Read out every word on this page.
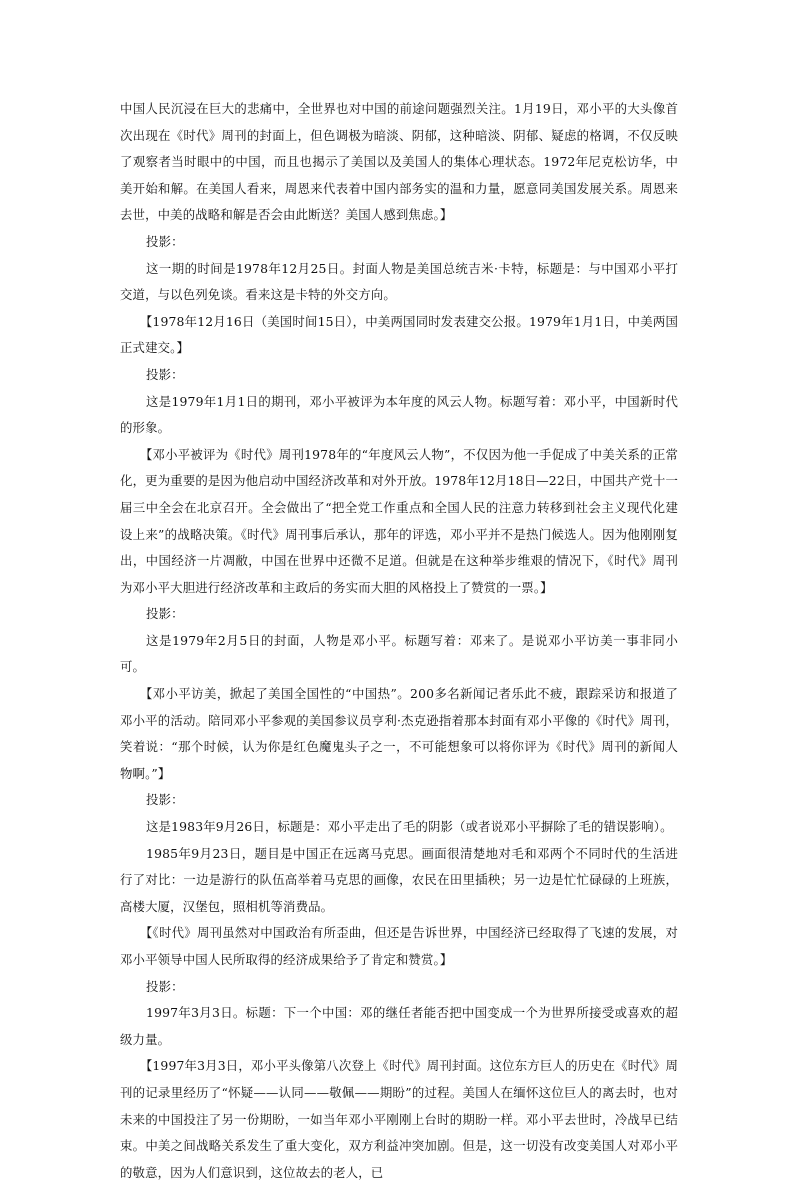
中国人民沉浸在巨大的悲痛中，全世界也对中国的前途问题强烈关注。1月19日，邓小平的大头像首次出现在《时代》周刊的封面上，但色调极为暗淡、阴郁，这种暗淡、阴郁、疑虑的格调，不仅反映了观察者当时眼中的中国，而且也揭示了美国以及美国人的集体心理状态。1972年尼克松访华，中美开始和解。在美国人看来，周恩来代表着中国内部务实的温和力量，愿意同美国发展关系。周恩来去世，中美的战略和解是否会由此断送？美国人感到焦虑。】

投影：

这一期的时间是1978年12月25日。封面人物是美国总统吉米·卡特，标题是：与中国邓小平打交道，与以色列免谈。看来这是卡特的外交方向。

【1978年12月16日（美国时间15日），中美两国同时发表建交公报。1979年1月1日，中美两国正式建交。】

投影：

这是1979年1月1日的期刊，邓小平被评为本年度的风云人物。标题写着：邓小平，中国新时代的形象。

【邓小平被评为《时代》周刊1978年的“年度风云人物”，不仅因为他一手促成了中美关系的正常化，更为重要的是因为他启动中国经济改革和对外开放。1978年12月18日—22日，中国共产党十一届三中全会在北京召开。全会做出了“把全党工作重点和全国人民的注意力转移到社会主义现代化建设上来”的战略决策。《时代》周刊事后承认，那年的评选，邓小平并不是热门候选人。因为他刚刚复出，中国经济一片凋敝，中国在世界中还微不足道。但就是在这种举步维艰的情况下，《时代》周刊为邓小平大胆进行经济改革和主政后的务实而大胆的风格投上了赞赏的一票。】

投影：

这是1979年2月5日的封面，人物是邓小平。标题写着：邓来了。是说邓小平访美一事非同小可。

【邓小平访美，掀起了美国全国性的“中国热”。200多名新闻记者乐此不疲，跟踪采访和报道了邓小平的活动。陪同邓小平参观的美国参议员亨利·杰克逊指着那本封面有邓小平像的《时代》周刊，笑着说：“那个时候，认为你是红色魔鬼头子之一，不可能想象可以将你评为《时代》周刊的新闻人物啊。”】

投影：

这是1983年9月26日，标题是：邓小平走出了毛的阴影（或者说邓小平摒除了毛的错误影响）。

1985年9月23日，题目是中国正在远离马克思。画面很清楚地对毛和邓两个不同时代的生活进行了对比：一边是游行的队伍高举着马克思的画像，农民在田里插秧；另一边是忙忙碌碌的上班族，高楼大厦，汉堡包，照相机等消费品。

【《时代》周刊虽然对中国政治有所歪曲，但还是告诉世界，中国经济已经取得了飞速的发展，对邓小平领导中国人民所取得的经济成果给予了肯定和赞赏。】

投影：

1997年3月3日。标题：下一个中国：邓的继任者能否把中国变成一个为世界所接受或喜欢的超级力量。

【1997年3月3日，邓小平头像第八次登上《时代》周刊封面。这位东方巨人的历史在《时代》周刊的记录里经历了“怀疑——认同——敬佩——期盼”的过程。美国人在缅怀这位巨人的离去时，也对未来的中国投注了另一份期盼，一如当年邓小平刚刚上台时的期盼一样。邓小平去世时，冷战早已结束。中美之间战略关系发生了重大变化，双方利益冲突加剧。但是，这一切没有改变美国人对邓小平的敬意，因为人们意识到，这位故去的老人，已
